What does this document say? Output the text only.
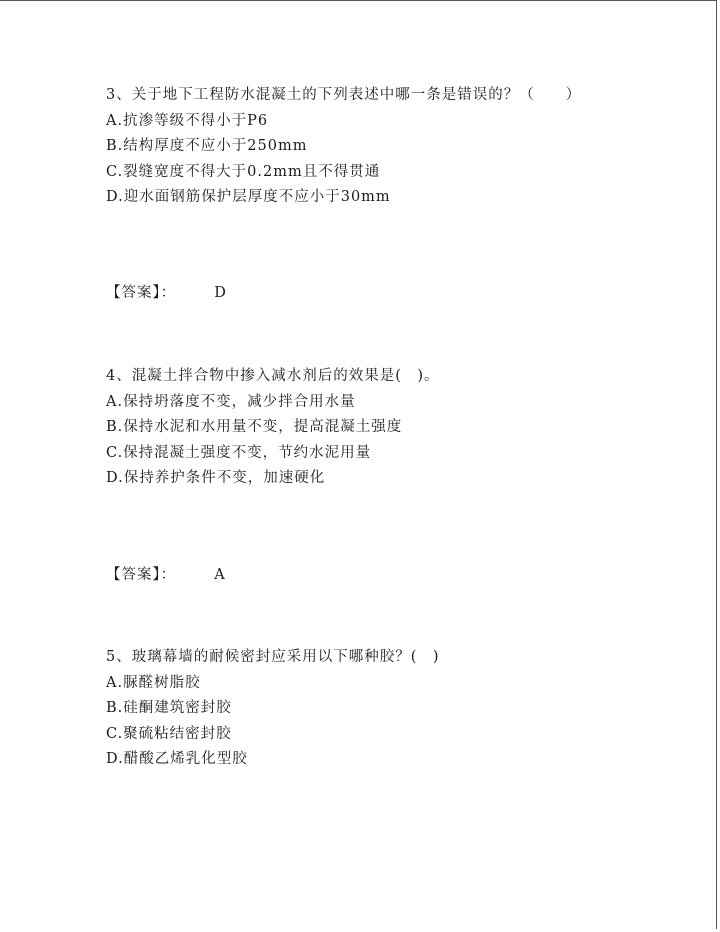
3、关于地下工程防水混凝土的下列表述中哪一条是错误的？（　　）
A.抗渗等级不得小于P6
B.结构厚度不应小于250mm
C.裂缝宽度不得大于0.2mm且不得贯通
D.迎水面钢筋保护层厚度不应小于30mm
【答案】：	D
4、混凝土拌合物中掺入减水剂后的效果是(　)。
A.保持坍落度不变，减少拌合用水量
B.保持水泥和水用量不变，提高混凝土强度
C.保持混凝土强度不变，节约水泥用量
D.保持养护条件不变，加速硬化
【答案】：	A
5、玻璃幕墙的耐候密封应采用以下哪种胶？(　)
A.脲醛树脂胶
B.硅酮建筑密封胶
C.聚硫粘结密封胶
D.醋酸乙烯乳化型胶
